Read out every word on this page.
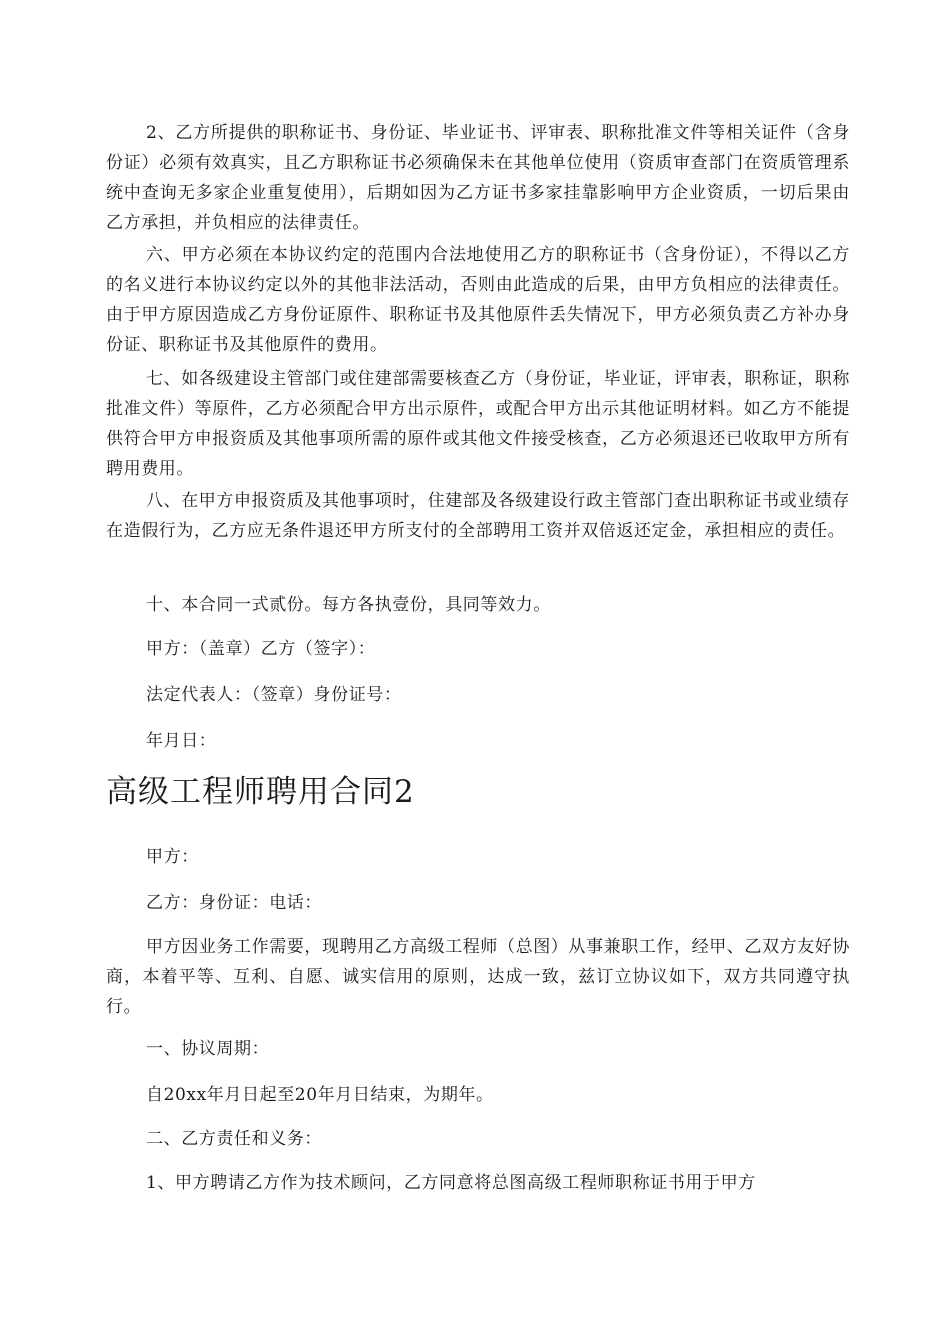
2、乙方所提供的职称证书、身份证、毕业证书、评审表、职称批准文件等相关证件（含身份证）必须有效真实，且乙方职称证书必须确保未在其他单位使用（资质审查部门在资质管理系统中查询无多家企业重复使用），后期如因为乙方证书多家挂靠影响甲方企业资质，一切后果由乙方承担，并负相应的法律责任。

六、甲方必须在本协议约定的范围内合法地使用乙方的职称证书（含身份证），不得以乙方的名义进行本协议约定以外的其他非法活动，否则由此造成的后果，由甲方负相应的法律责任。由于甲方原因造成乙方身份证原件、职称证书及其他原件丢失情况下，甲方必须负责乙方补办身份证、职称证书及其他原件的费用。

七、如各级建设主管部门或住建部需要核查乙方（身份证，毕业证，评审表，职称证，职称批准文件）等原件，乙方必须配合甲方出示原件，或配合甲方出示其他证明材料。如乙方不能提供符合甲方申报资质及其他事项所需的原件或其他文件接受核查，乙方必须退还已收取甲方所有聘用费用。

八、在甲方申报资质及其他事项时，住建部及各级建设行政主管部门查出职称证书或业绩存在造假行为，乙方应无条件退还甲方所支付的全部聘用工资并双倍返还定金，承担相应的责任。

十、本合同一式贰份。每方各执壹份，具同等效力。

甲方：（盖章）乙方（签字）：

法定代表人：（签章）身份证号：

年月日：

高级工程师聘用合同2

甲方：

乙方：身份证：电话：

甲方因业务工作需要，现聘用乙方高级工程师（总图）从事兼职工作，经甲、乙双方友好协商，本着平等、互利、自愿、诚实信用的原则，达成一致，兹订立协议如下，双方共同遵守执行。

一、协议周期：

自20xx年月日起至20年月日结束，为期年。

二、乙方责任和义务：

1、甲方聘请乙方作为技术顾问，乙方同意将总图高级工程师职称证书用于甲方
